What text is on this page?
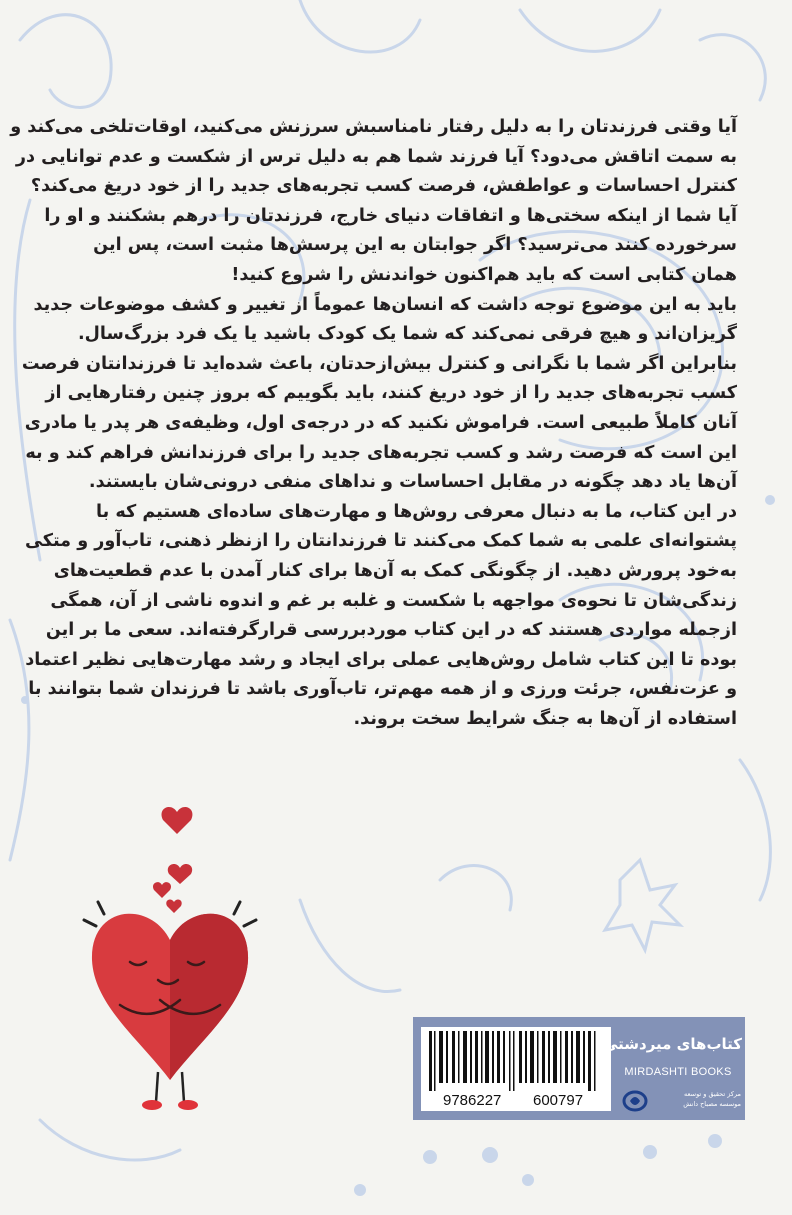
آیا وقتی فرزندتان را به دلیل رفتار نامناسبش سرزنش می‌کنید، اوقات‌تلخی می‌کند و
به سمت اتاقش می‌دود؟ آیا فرزند شما هم به دلیل ترس از شکست و عدم توانایی در
کنترل احساسات و عواطفش، فرصت کسب تجربه‌های جدید را از خود دریغ می‌کند؟
آیا شما از اینکه سختی‌ها و اتفاقات دنیای خارج، فرزندتان را درهم بشکنند و او را
سرخورده کنند می‌ترسید؟ اگر جوابتان به این پرسش‌ها مثبت است، پس این
همان کتابی است که باید هم‌اکنون خواندنش را شروع کنید!
باید به این موضوع توجه داشت که انسان‌ها عموماً از تغییر و کشف موضوعات جدید
گریزان‌اند و هیچ فرقی نمی‌کند که شما یک کودک باشید یا یک فرد بزرگ‌سال.
بنابراین اگر شما با نگرانی و کنترل بیش‌ازحدتان، باعث شده‌اید تا فرزندانتان فرصت
کسب تجربه‌های جدید را از خود دریغ کنند، باید بگوییم که بروز چنین رفتارهایی از
آنان کاملاً طبیعی است. فراموش نکنید که در درجه‌ی اول، وظیفه‌ی هر پدر یا مادری
این است که فرصت رشد و کسب تجربه‌های جدید را برای فرزندانش فراهم کند و به
آن‌ها یاد دهد چگونه در مقابل احساسات و نداهای منفی درونی‌شان بایستند.
در این کتاب، ما به دنبال معرفی روش‌ها و مهارت‌های ساده‌ای هستیم که با
پشتوانه‌ای علمی به شما کمک می‌کنند تا فرزندانتان را ازنظر ذهنی، تاب‌آور و متکی
به‌خود پرورش دهید. از چگونگی کمک به آن‌ها برای کنار آمدن با عدم قطعیت‌های
زندگی‌شان تا نحوه‌ی مواجهه با شکست و غلبه بر غم و اندوه ناشی از آن، همگی
ازجمله مواردی هستند که در این کتاب موردبررسی قرارگرفته‌اند. سعی ما بر این
بوده تا این کتاب شامل روش‌هایی عملی برای ایجاد و رشد مهارت‌هایی نظیر اعتماد
و عزت‌نفس، جرئت ورزی و از همه مهم‌تر، تاب‌آوری باشد تا فرزندان شما بتوانند با
استفاده از آن‌ها به جنگ شرایط سخت بروند.
9786227 600797
کتاب‌های میردشتی
MIRDASHTI BOOKS
مرکز تحقیق و توسعه
موسسه مصباح دانش
